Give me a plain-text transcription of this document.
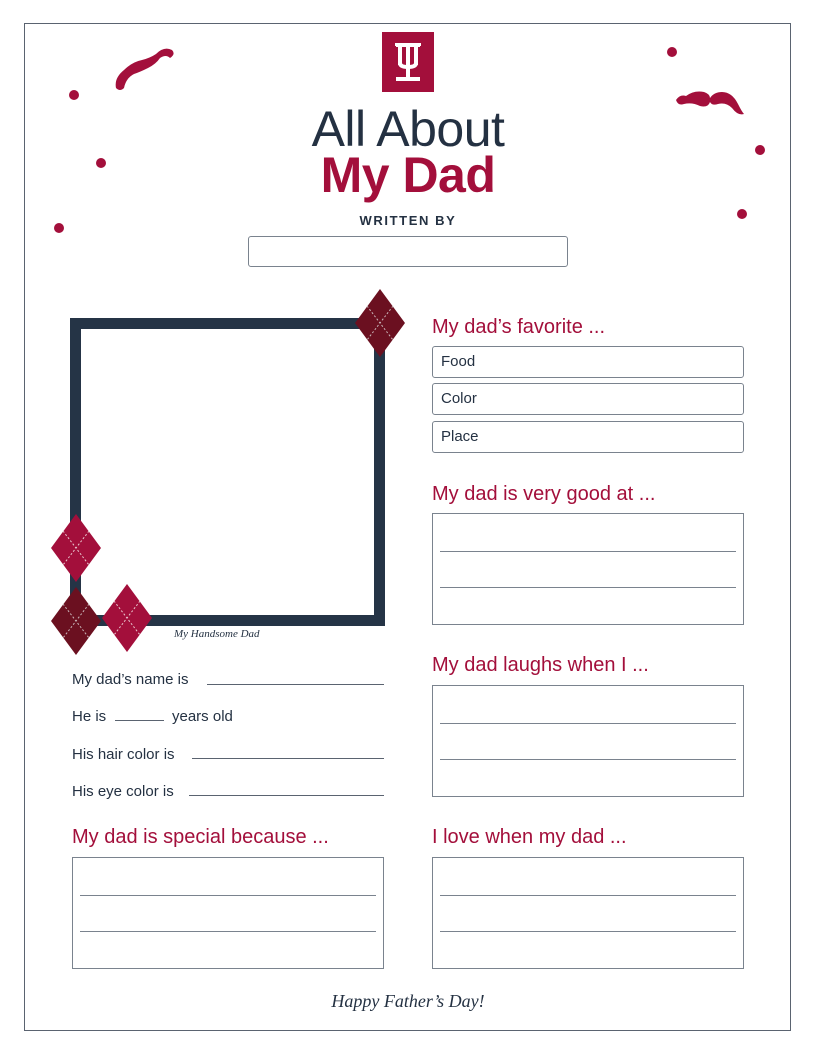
All About
My Dad
WRITTEN BY
My Handsome Dad
My dad’s name is
He is	years old
His hair color is
His eye color is
My dad’s favorite ...
Food
Color
Place
My dad is very good at ...
My dad laughs when I ...
My dad is special because ...	I love when my dad ...
Happy Father’s Day!
